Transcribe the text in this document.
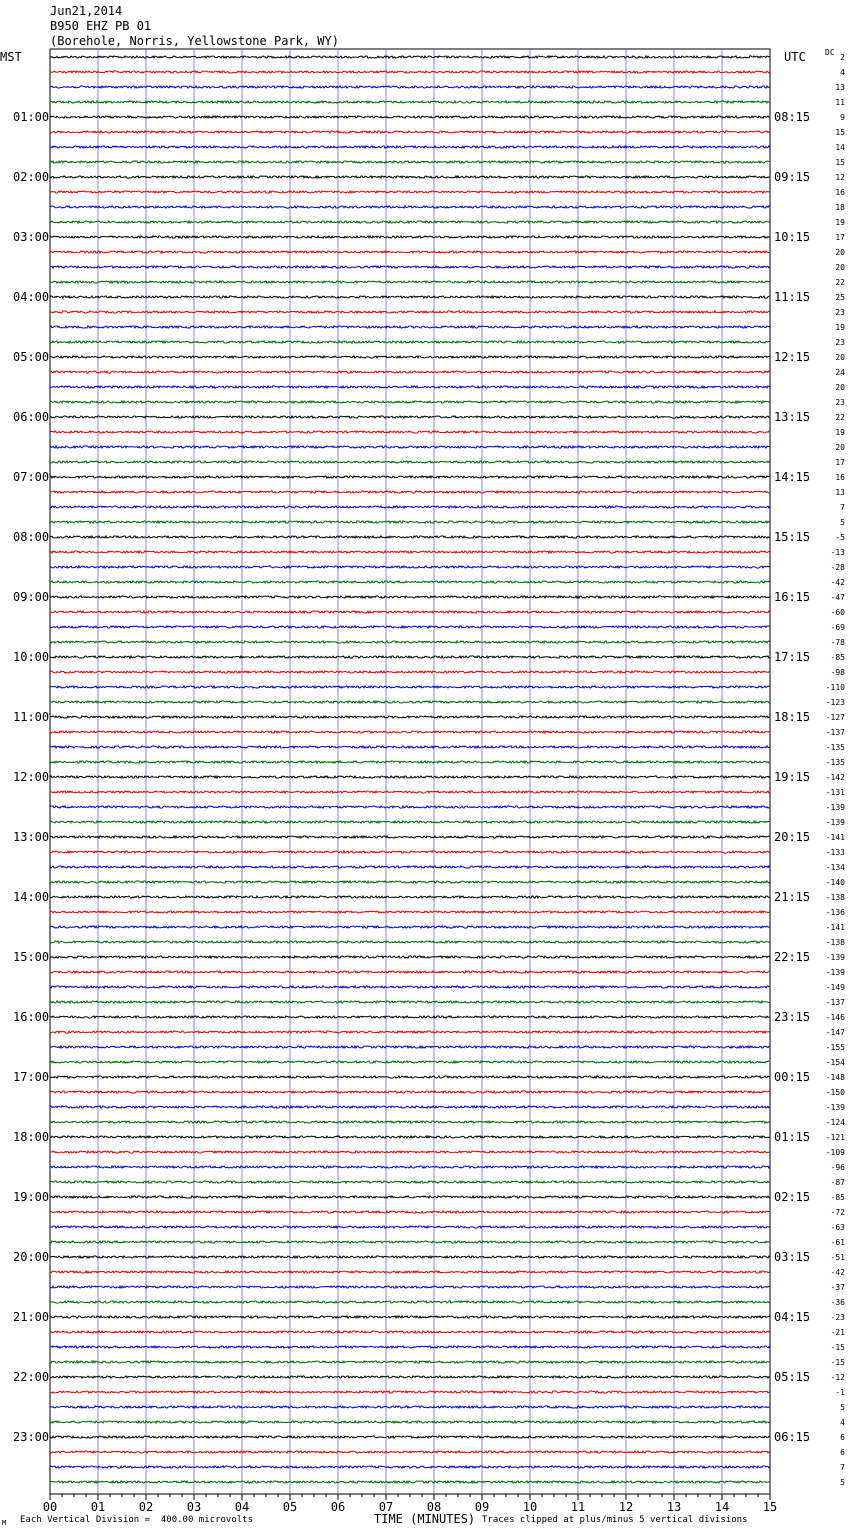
Jun21,2014
B950 EHZ PB 01
(Borehole, Norris, Yellowstone Park, WY)
MST	UTC DC
2
4
13
11
9
15
14
15
12
16
18
19
17
20
20
22
25
23
19
23
20
24
20
23
22
19
20
17
16
13
7
5
-5
-13
-28
-42
-47
-60
-69
-78
-85
-98
-110
-123
-127
-137
-135
-135
-142
-131
-139
-139
-141
-133
-134
-140
-138
-136
-141
-138
-139
-139
-149
-137
-146
-147
-155
-154
-148
-150
-139
-124
-121
-109
-96
-87
-85
-72
-63
-61
-51
-42
-37
-36
-23
-21
-15
-15
-12
-1
5
4
6
6
7
5
01:00
02:00
03:00
04:00
05:00
06:00
07:00
08:00
09:00
10:00
11:00
12:00
13:00
14:00
15:00
16:00
17:00
18:00
19:00
20:00
21:00
22:00
23:00
08:15
09:15
10:15
11:15
12:15
13:15
14:15
15:15
16:15
17:15
18:15
19:15
20:15
21:15
22:15
23:15
00:15
01:15
02:15
03:15
04:15
05:15
06:15
00	01	02	03	04	05	06	07	08	09	10	11	12	13	14	15
M Each Vertical Division =  400.00 microvolts	TIME (MINUTES) Traces clipped at plus/minus 5 vertical divisions
